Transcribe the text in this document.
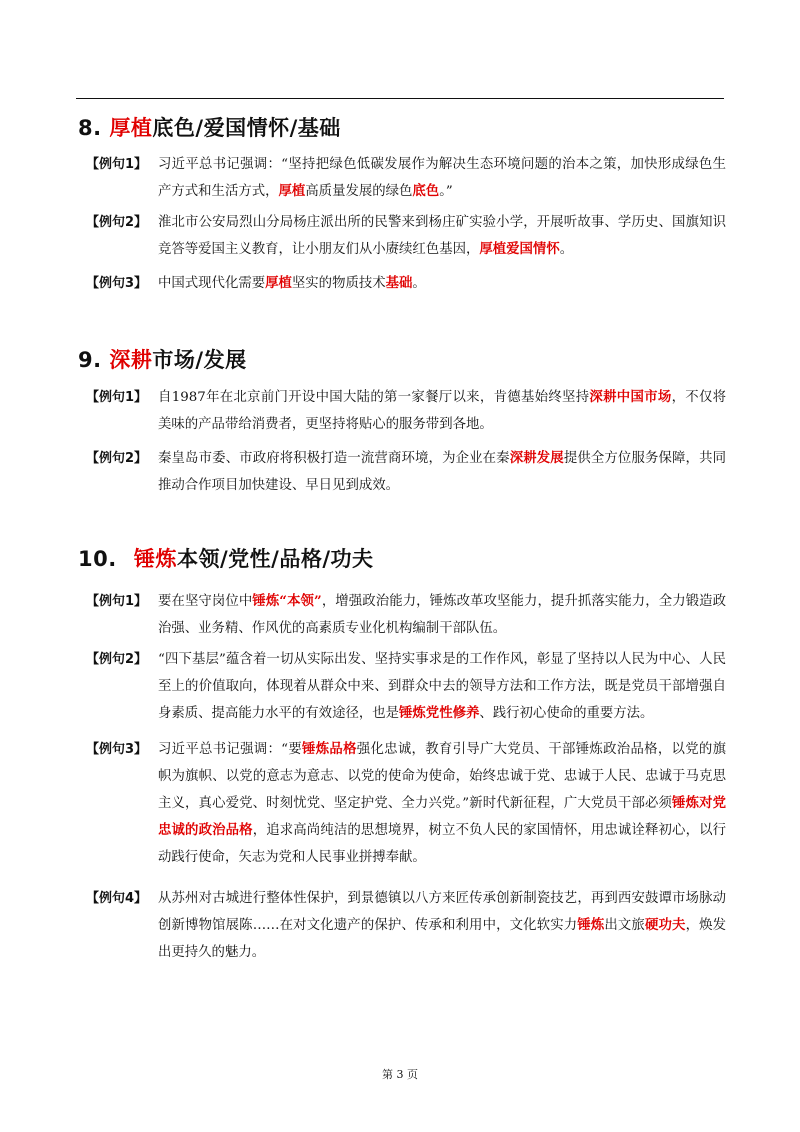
8. 厚植底色/爱国情怀/基础
【例句1】 习近平总书记强调：“坚持把绿色低碳发展作为解决生态环境问题的治本之策，加快形成绿色生产方式和生活方式，厚植高质量发展的绿色底色。”
【例句2】 淮北市公安局烈山分局杨庄派出所的民警来到杨庄矿实验小学，开展听故事、学历史、国旗知识竞答等爱国主义教育，让小朋友们从小赓续红色基因，厚植爱国情怀。
【例句3】 中国式现代化需要厚植坚实的物质技术基础。
9. 深耕市场/发展
【例句1】 自1987年在北京前门开设中国大陆的第一家餐厅以来，肯德基始终坚持深耕中国市场，不仅将美味的产品带给消费者，更坚持将贴心的服务带到各地。
【例句2】 秦皇岛市委、市政府将积极打造一流营商环境，为企业在秦深耕发展提供全方位服务保障，共同推动合作项目加快建设、早日见到成效。
10. 锤炼本领/党性/品格/功夫
【例句1】 要在坚守岗位中锤炼“本领”，增强政治能力，锤炼改革攻坚能力，提升抓落实能力，全力锻造政治强、业务精、作风优的高素质专业化机构编制干部队伍。
【例句2】 “四下基层”蕴含着一切从实际出发、坚持实事求是的工作作风，彰显了坚持以人民为中心、人民至上的价值取向，体现着从群众中来、到群众中去的领导方法和工作方法，既是党员干部增强自身素质、提高能力水平的有效途径，也是锤炼党性修养、践行初心使命的重要方法。
【例句3】 习近平总书记强调：“要锤炼品格强化忠诚，教育引导广大党员、干部锤炼政治品格，以党的旗帜为旗帜、以党的意志为意志、以党的使命为使命，始终忠诚于党、忠诚于人民、忠诚于马克思主义，真心爱党、时刻忧党、坚定护党、全力兴党。”新时代新征程，广大党员干部必须锤炼对党忠诚的政治品格，追求高尚纯洁的思想境界，树立不负人民的家国情怀，用忠诚诠释初心，以行动践行使命，矢志为党和人民事业拼搏奉献。
【例句4】 从苏州对古城进行整体性保护，到景德镇以八方来匠传承创新制瓷技艺，再到西安鼓谭市场脉动创新博物馆展陈……在对文化遗产的保护、传承和利用中，文化软实力锤炼出文旅硬功夫，焕发出更持久的魅力。
第 3 页
